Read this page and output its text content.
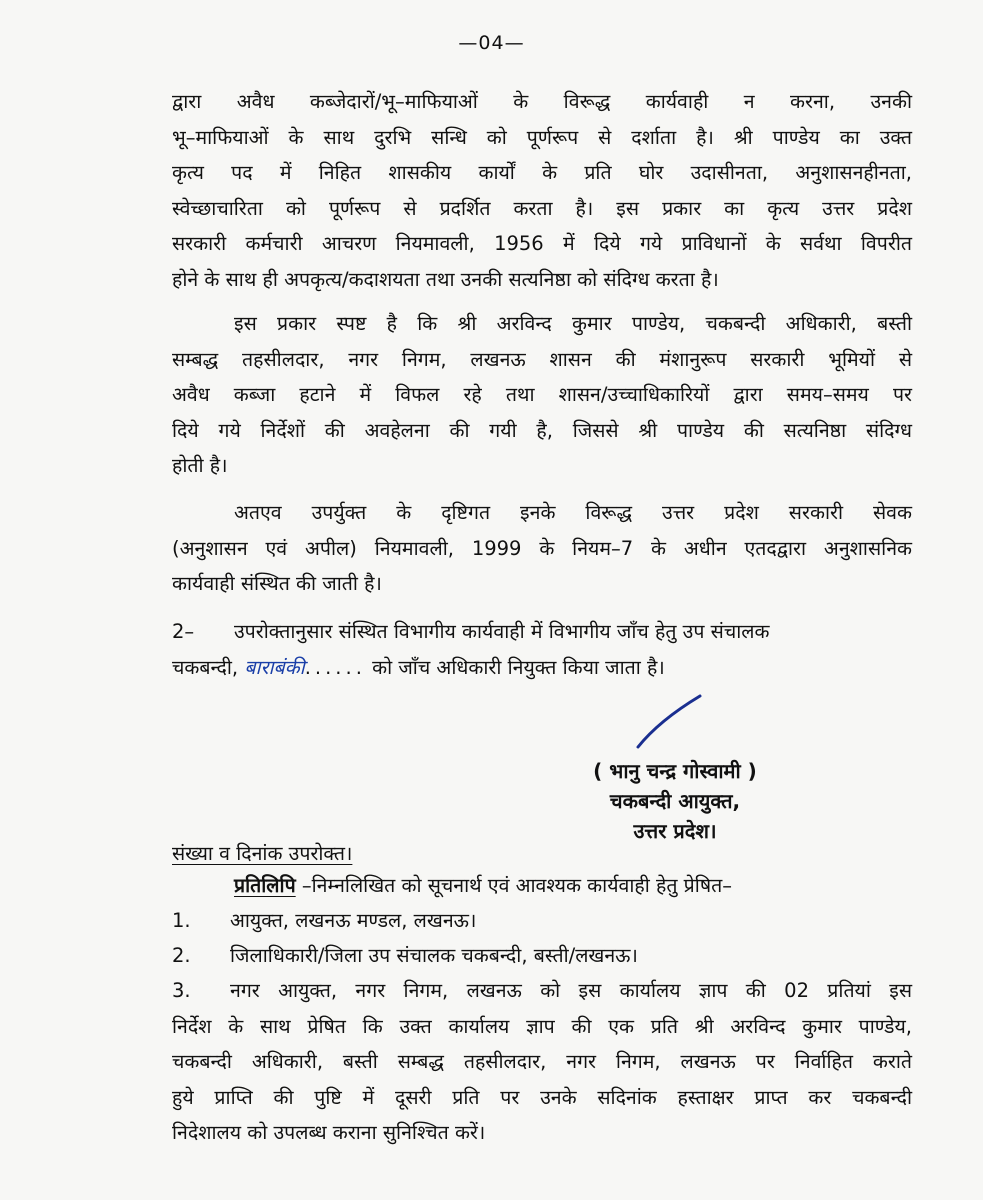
—04—
द्वारा अवैध कब्जेदारों/भू–माफियाओं के विरूद्ध कार्यवाही न करना, उनकी
भू–माफियाओं के साथ दुरभि सन्धि को पूर्णरूप से दर्शाता है। श्री पाण्डेय का उक्त
कृत्य पद में निहित शासकीय कार्यों के प्रति घोर उदासीनता, अनुशासनहीनता,
स्वेच्छाचारिता को पूर्णरूप से प्रदर्शित करता है। इस प्रकार का कृत्य उत्तर प्रदेश
सरकारी कर्मचारी आचरण नियमावली, 1956 में दिये गये प्राविधानों के सर्वथा विपरीत
होने के साथ ही अपकृत्य/कदाशयता तथा उनकी सत्यनिष्ठा को संदिग्ध करता है।
इस प्रकार स्पष्ट है कि श्री अरविन्द कुमार पाण्डेय, चकबन्दी अधिकारी, बस्ती
सम्बद्ध तहसीलदार, नगर निगम, लखनऊ शासन की मंशानुरूप सरकारी भूमियों से
अवैध कब्जा हटाने में विफल रहे तथा शासन/उच्चाधिकारियों द्वारा समय–समय पर
दिये गये निर्देशों की अवहेलना की गयी है, जिससे श्री पाण्डेय की सत्यनिष्ठा संदिग्ध
होती है।
अतएव उपर्युक्त के दृष्टिगत इनके विरूद्ध उत्तर प्रदेश सरकारी सेवक
(अनुशासन एवं अपील) नियमावली, 1999 के नियम–7 के अधीन एतदद्वारा अनुशासनिक
कार्यवाही संस्थित की जाती है।
2– उपरोक्तानुसार संस्थित विभागीय कार्यवाही में विभागीय जाँच हेतु उप संचालक
चकबन्दी, बाराबंकी...... को जाँच अधिकारी नियुक्त किया जाता है।
( भानु चन्द्र गोस्वामी )
चकबन्दी आयुक्त,
उत्तर प्रदेश।
संख्या व दिनांक उपरोक्त।
प्रतिलिपि –निम्नलिखित को सूचनार्थ एवं आवश्यक कार्यवाही हेतु प्रेषित–
1. आयुक्त, लखनऊ मण्डल, लखनऊ।
2. जिलाधिकारी/जिला उप संचालक चकबन्दी, बस्ती/लखनऊ।
3. नगर आयुक्त, नगर निगम, लखनऊ को इस कार्यालय ज्ञाप की 02 प्रतियां इस
निर्देश के साथ प्रेषित कि उक्त कार्यालय ज्ञाप की एक प्रति श्री अरविन्द कुमार पाण्डेय,
चकबन्दी अधिकारी, बस्ती सम्बद्ध तहसीलदार, नगर निगम, लखनऊ पर निर्वाहित कराते
हुये प्राप्ति की पुष्टि में दूसरी प्रति पर उनके सदिनांक हस्ताक्षर प्राप्त कर चकबन्दी
निदेशालय को उपलब्ध कराना सुनिश्चित करें।
